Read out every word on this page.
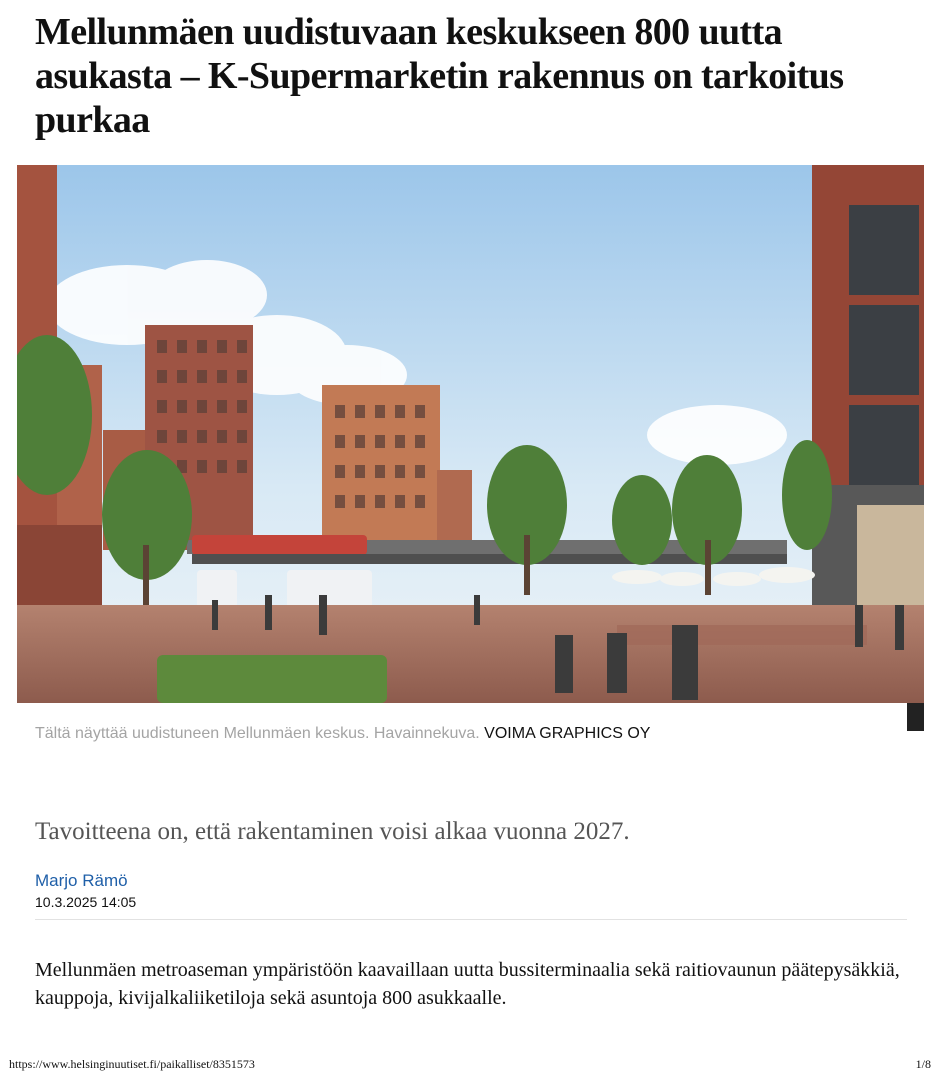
Mellunmäen uudistuvaan keskukseen 800 uutta asukasta – K-Supermarketin rakennus on tarkoitus purkaa
Tältä näyttää uudistuneen Mellunmäen keskus. Havainnekuva. VOIMA GRAPHICS OY

Tavoitteena on, että rakentaminen voisi alkaa vuonna 2027.

Marjo Rämö
10.3.2025 14:05

Mellunmäen metroaseman ympäristöön kaavaillaan uutta bussiterminaalia sekä raitiovaunun päätepysäkkiä, kauppoja, kivijalkaliiketiloja sekä asuntoja 800 asukkaalle.

https://www.helsinginuutiset.fi/paikalliset/8351573	1/8
